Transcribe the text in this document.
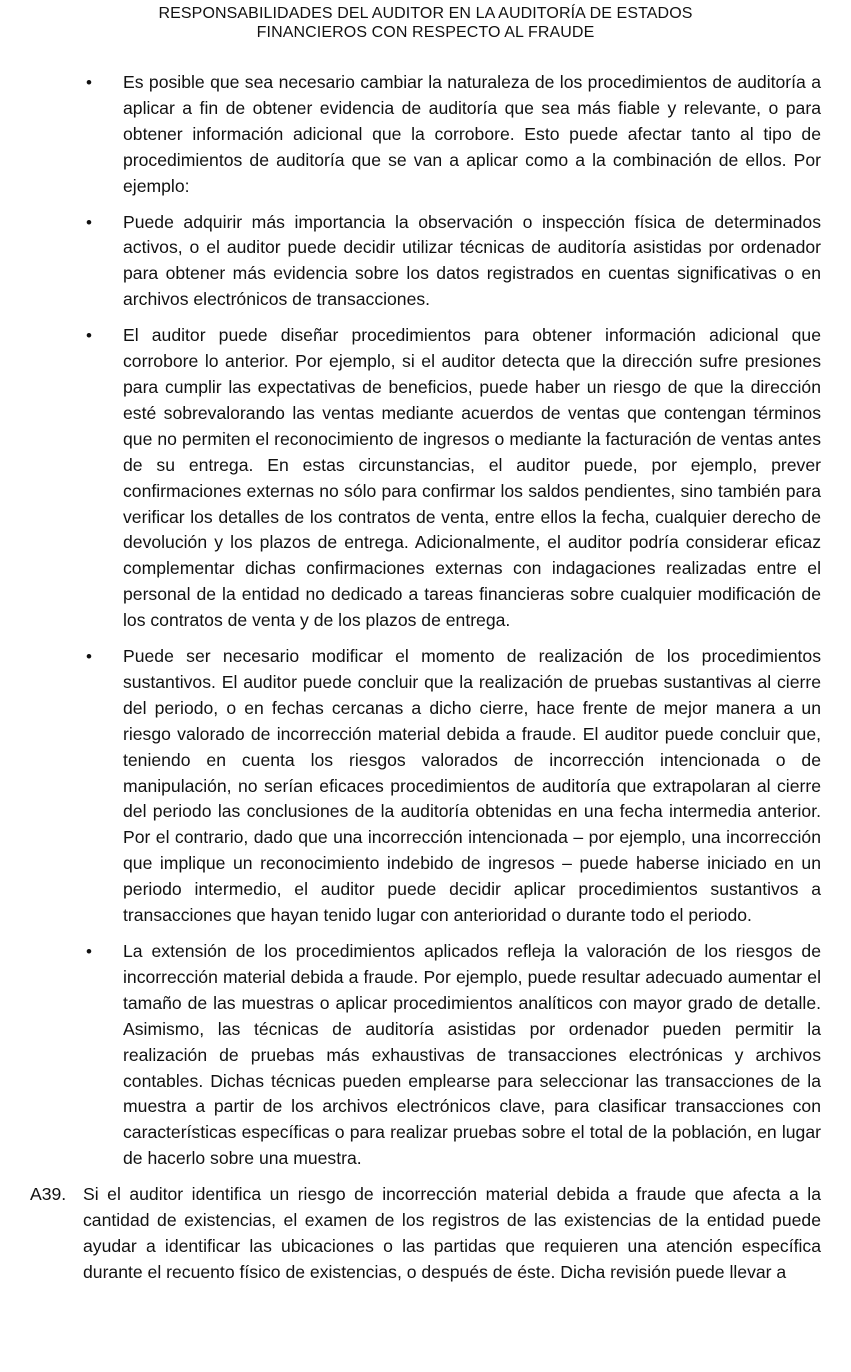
RESPONSABILIDADES DEL AUDITOR EN LA AUDITORÍA DE ESTADOS
FINANCIEROS CON RESPECTO AL FRAUDE
• Es posible que sea necesario cambiar la naturaleza de los procedimientos de auditoría a aplicar a fin de obtener evidencia de auditoría que sea más fiable y relevante, o para obtener información adicional que la corrobore. Esto puede afectar tanto al tipo de procedimientos de auditoría que se van a aplicar como a la combinación de ellos. Por ejemplo:
• Puede adquirir más importancia la observación o inspección física de determinados activos, o el auditor puede decidir utilizar técnicas de auditoría asistidas por ordenador para obtener más evidencia sobre los datos registrados en cuentas significativas o en archivos electrónicos de transacciones.
• El auditor puede diseñar procedimientos para obtener información adicional que corrobore lo anterior. Por ejemplo, si el auditor detecta que la dirección sufre presiones para cumplir las expectativas de beneficios, puede haber un riesgo de que la dirección esté sobrevalorando las ventas mediante acuerdos de ventas que contengan términos que no permiten el reconocimiento de ingresos o mediante la facturación de ventas antes de su entrega. En estas circunstancias, el auditor puede, por ejemplo, prever confirmaciones externas no sólo para confirmar los saldos pendientes, sino también para verificar los detalles de los contratos de venta, entre ellos la fecha, cualquier derecho de devolución y los plazos de entrega. Adicionalmente, el auditor podría considerar eficaz complementar dichas confirmaciones externas con indagaciones realizadas entre el personal de la entidad no dedicado a tareas financieras sobre cualquier modificación de los contratos de venta y de los plazos de entrega.
• Puede ser necesario modificar el momento de realización de los procedimientos sustantivos. El auditor puede concluir que la realización de pruebas sustantivas al cierre del periodo, o en fechas cercanas a dicho cierre, hace frente de mejor manera a un riesgo valorado de incorrección material debida a fraude. El auditor puede concluir que, teniendo en cuenta los riesgos valorados de incorrección intencionada o de manipulación, no serían eficaces procedimientos de auditoría que extrapolaran al cierre del periodo las conclusiones de la auditoría obtenidas en una fecha intermedia anterior. Por el contrario, dado que una incorrección intencionada – por ejemplo, una incorrección que implique un reconocimiento indebido de ingresos – puede haberse iniciado en un periodo intermedio, el auditor puede decidir aplicar procedimientos sustantivos a transacciones que hayan tenido lugar con anterioridad o durante todo el periodo.
• La extensión de los procedimientos aplicados refleja la valoración de los riesgos de incorrección material debida a fraude. Por ejemplo, puede resultar adecuado aumentar el tamaño de las muestras o aplicar procedimientos analíticos con mayor grado de detalle. Asimismo, las técnicas de auditoría asistidas por ordenador pueden permitir la realización de pruebas más exhaustivas de transacciones electrónicas y archivos contables. Dichas técnicas pueden emplearse para seleccionar las transacciones de la muestra a partir de los archivos electrónicos clave, para clasificar transacciones con características específicas o para realizar pruebas sobre el total de la población, en lugar de hacerlo sobre una muestra.
A39. Si el auditor identifica un riesgo de incorrección material debida a fraude que afecta a la cantidad de existencias, el examen de los registros de las existencias de la entidad puede ayudar a identificar las ubicaciones o las partidas que requieren una atención específica durante el recuento físico de existencias, o después de éste. Dicha revisión puede llevar a
